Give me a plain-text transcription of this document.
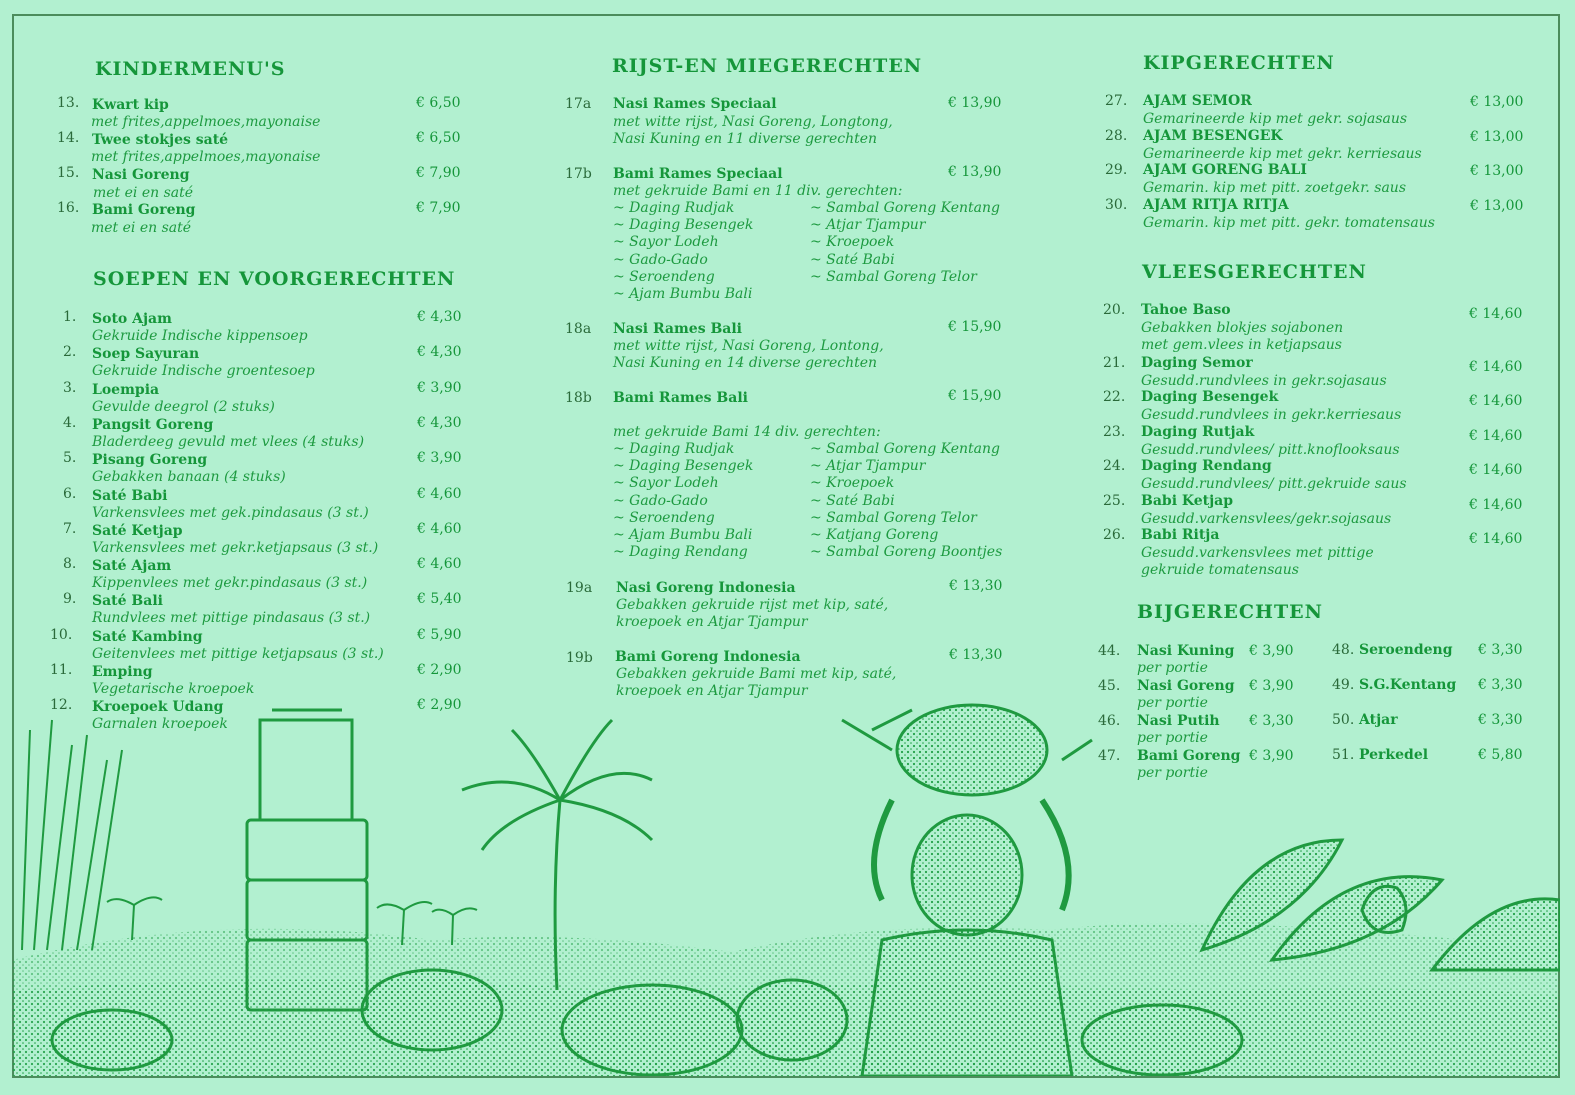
KINDERMENU'S
13. Kwart kip
met frites,appelmoes,mayonaise
€ 6,50
14. Twee stokjes saté
met frites,appelmoes,mayonaise
€ 6,50
15. Nasi Goreng
met ei en saté
€ 7,90
16. Bami Goreng
met ei en saté
€ 7,90
SOEPEN EN VOORGERECHTEN
1. Soto Ajam
Gekruide Indische kippensoep
€ 4,30
2. Soep Sayuran
Gekruide Indische groentesoep
€ 4,30
3. Loempia
Gevulde deegrol (2 stuks)
€ 3,90
4. Pangsit Goreng
Bladerdeeg gevuld met vlees (4 stuks)
€ 4,30
5. Pisang Goreng
Gebakken banaan (4 stuks)
€ 3,90
6. Saté Babi
Varkensvlees met gek.pindasaus (3 st.)
€ 4,60
7. Saté Ketjap
Varkensvlees met gekr.ketjapsaus (3 st.)
€ 4,60
8. Saté Ajam
Kippenvlees met gekr.pindasaus (3 st.)
€ 4,60
9. Saté Bali
Rundvlees met pittige pindasaus (3 st.)
€ 5,40
10. Saté Kambing
Geitenvlees met pittige ketjapsaus (3 st.)
€ 5,90
11. Emping
Vegetarische kroepoek
€ 2,90
12. Kroepoek Udang
Garnalen kroepoek
€ 2,90
RIJST-EN MIEGERECHTEN
17a Nasi Rames Speciaal	€ 13,90
met witte rijst, Nasi Goreng, Longtong,
Nasi Kuning en 11 diverse gerechten
17b Bami Rames Speciaal	€ 13,90
met gekruide Bami en 11 div. gerechten:
~ Daging Rudjak
~ Daging Besengek
~ Sayor Lodeh
~ Gado-Gado
~ Seroendeng
~ Ajam Bumbu Bali
~ Sambal Goreng Kentang
~ Atjar Tjampur
~ Kroepoek
~ Saté Babi
~ Sambal Goreng Telor
18a Nasi Rames Bali	€ 15,90
met witte rijst, Nasi Goreng, Lontong,
Nasi Kuning en 14 diverse gerechten
18b Bami Rames Bali	€ 15,90
met gekruide Bami 14 div. gerechten:
~ Daging Rudjak
~ Daging Besengek
~ Sayor Lodeh
~ Gado-Gado
~ Seroendeng
~ Ajam Bumbu Bali
~ Daging Rendang
~ Sambal Goreng Kentang
~ Atjar Tjampur
~ Kroepoek
~ Saté Babi
~ Sambal Goreng Telor
~ Katjang Goreng
~ Sambal Goreng Boontjes
19a Nasi Goreng Indonesia	€ 13,30
Gebakken gekruide rijst met kip, saté,
kroepoek en Atjar Tjampur
19b Bami Goreng Indonesia	€ 13,30
Gebakken gekruide Bami met kip, saté,
kroepoek en Atjar Tjampur
KIPGERECHTEN
27. AJAM SEMOR
Gemarineerde kip met gekr. sojasaus
€ 13,00
28. AJAM BESENGEK
Gemarineerde kip met gekr. kerriesaus
€ 13,00
29. AJAM GORENG BALI
Gemarin. kip met pitt. zoetgekr. saus
€ 13,00
30. AJAM RITJA RITJA
Gemarin. kip met pitt. gekr. tomatensaus
€ 13,00
VLEESGERECHTEN
20. Tahoe Baso
Gebakken blokjes sojabonen
met gem.vlees in ketjapsaus
€ 14,60
21. Daging Semor
Gesudd.rundvlees in gekr.sojasaus
€ 14,60
22. Daging Besengek
Gesudd.rundvlees in gekr.kerriesaus
€ 14,60
23. Daging Rutjak
Gesudd.rundvlees/ pitt.knoflooksaus
€ 14,60
24. Daging Rendang
Gesudd.rundvlees/ pitt.gekruide saus
€ 14,60
25. Babi Ketjap
Gesudd.varkensvlees/gekr.sojasaus
€ 14,60
26. Babi Ritja
Gesudd.varkensvlees met pittige
gekruide tomatensaus
€ 14,60
BIJGERECHTEN
44. Nasi Kuning € 3,90
per portie
45. Nasi Goreng € 3,90
per portie
46. Nasi Putih € 3,30
per portie
47. Bami Goreng € 3,90
per portie
48. Seroendeng € 3,30
49. S.G.Kentang € 3,30
50. Atjar	€ 3,30
51. Perkedel	€ 5,80
